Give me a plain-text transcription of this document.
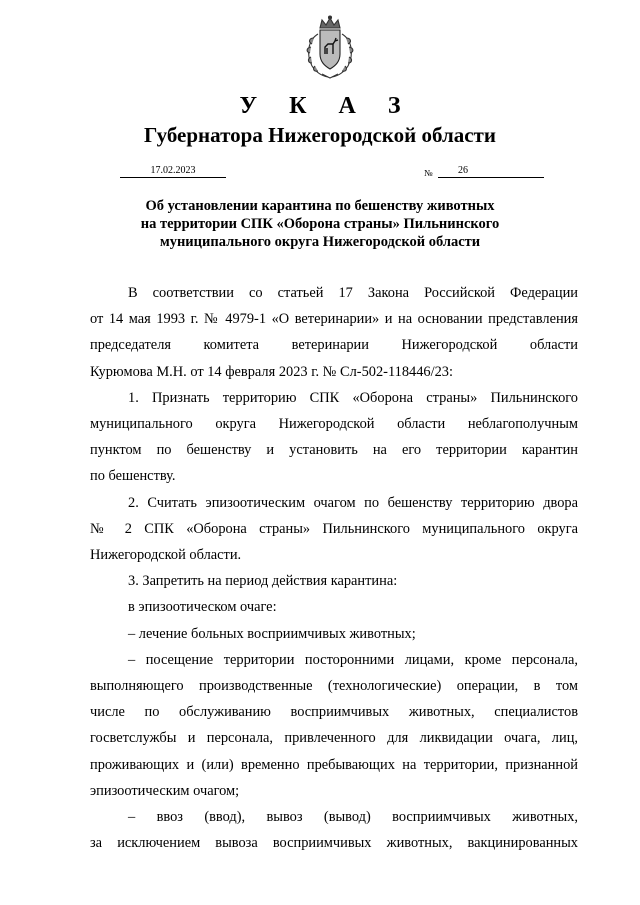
У К А З
Губернатора Нижегородской области
17.02.2023	№	26
Об установлении карантина по бешенству животных
на территории СПК «Оборона страны» Пильнинского
муниципального округа Нижегородской области
В соответствии со статьей 17 Закона Российской Федерации
от 14 мая 1993 г. № 4979-1 «О ветеринарии» и на основании представления
председателя комитета ветеринарии Нижегородской области
Курюмова М.Н. от 14 февраля 2023 г. № Сл-502-118446/23:
1. Признать территорию СПК «Оборона страны» Пильнинского
муниципального округа Нижегородской области неблагополучным
пунктом по бешенству и установить на его территории карантин
по бешенству.
2. Считать эпизоотическим очагом по бешенству территорию двора
№ 2 СПК «Оборона страны» Пильнинского муниципального округа
Нижегородской области.
3. Запретить на период действия карантина:
в эпизоотическом очаге:
– лечение больных восприимчивых животных;
– посещение территории посторонними лицами, кроме персонала,
выполняющего производственные (технологические) операции, в том
числе по обслуживанию восприимчивых животных, специалистов
госветслужбы и персонала, привлеченного для ликвидации очага, лиц,
проживающих и (или) временно пребывающих на территории, признанной
эпизоотическим очагом;
– ввоз (ввод), вывоз (вывод) восприимчивых животных,
за исключением вывоза восприимчивых животных, вакцинированных
